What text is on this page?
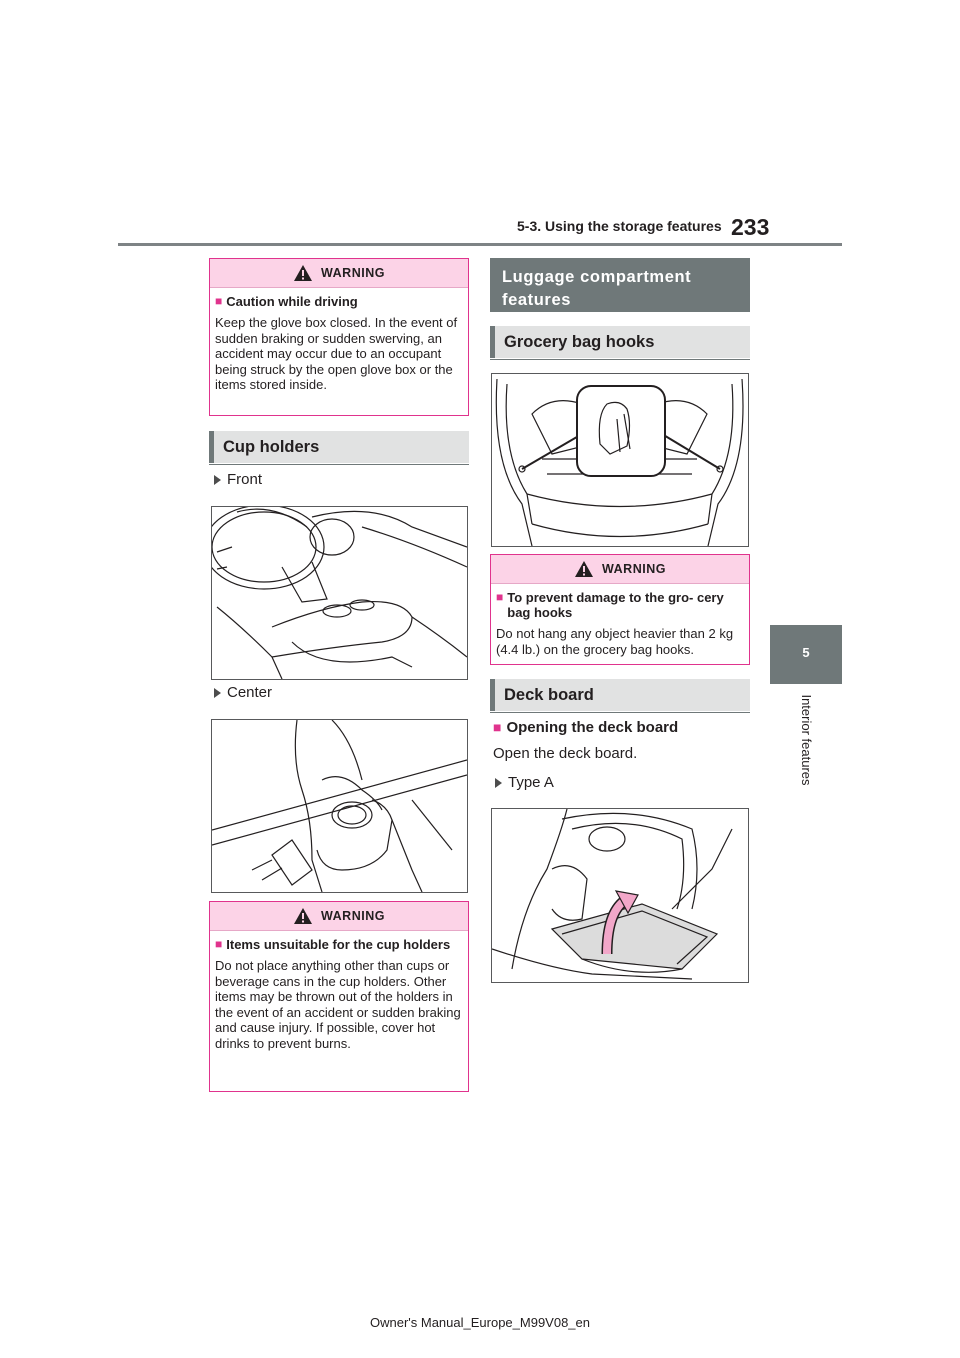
5-3. Using the storage features 233
5
Interior features
WARNING
■ Caution while driving
Keep the glove box closed. In the event of sudden braking or sudden swerving, an accident may occur due to an occupant being struck by the open glove box or the items stored inside.
Cup holders
Front
Center
WARNING
■ Items unsuitable for the cup holders
Do not place anything other than cups or beverage cans in the cup holders. Other items may be thrown out of the holders in the event of an accident or sudden braking and cause injury. If possible, cover hot drinks to prevent burns.
Luggage compartment features
Grocery bag hooks
WARNING
■ To prevent damage to the gro- cery bag hooks
Do not hang any object heavier than 2 kg (4.4 lb.) on the grocery bag hooks.
Deck board
■ Opening the deck board
Open the deck board.
Type A
Owner's Manual_Europe_M99V08_en
